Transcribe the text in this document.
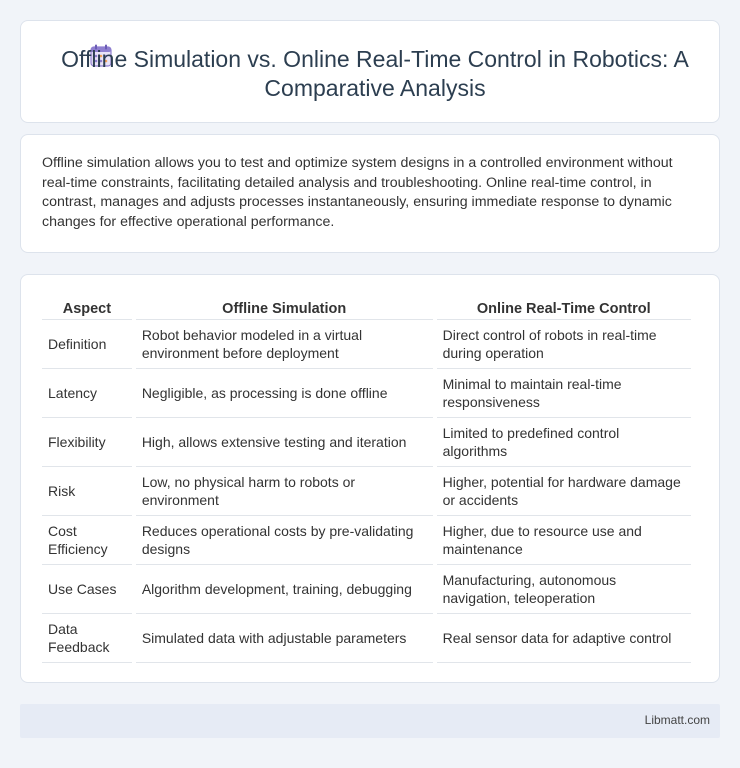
Offline Simulation vs. Online Real-Time Control in Robotics: A Comparative Analysis

Offline simulation allows you to test and optimize system designs in a controlled environment without real-time constraints, facilitating detailed analysis and troubleshooting. Online real-time control, in contrast, manages and adjusts processes instantaneously, ensuring immediate response to dynamic changes for effective operational performance.

Aspect	Offline Simulation	Online Real-Time Control
Definition	Robot behavior modeled in a virtual environment before deployment	Direct control of robots in real-time during operation
Latency	Negligible, as processing is done offline	Minimal to maintain real-time responsiveness
Flexibility	High, allows extensive testing and iteration	Limited to predefined control algorithms
Risk	Low, no physical harm to robots or environment	Higher, potential for hardware damage or accidents
Cost Efficiency	Reduces operational costs by pre-validating designs	Higher, due to resource use and maintenance
Use Cases	Algorithm development, training, debugging	Manufacturing, autonomous navigation, teleoperation
Data Feedback	Simulated data with adjustable parameters	Real sensor data for adaptive control
Libmatt.com
